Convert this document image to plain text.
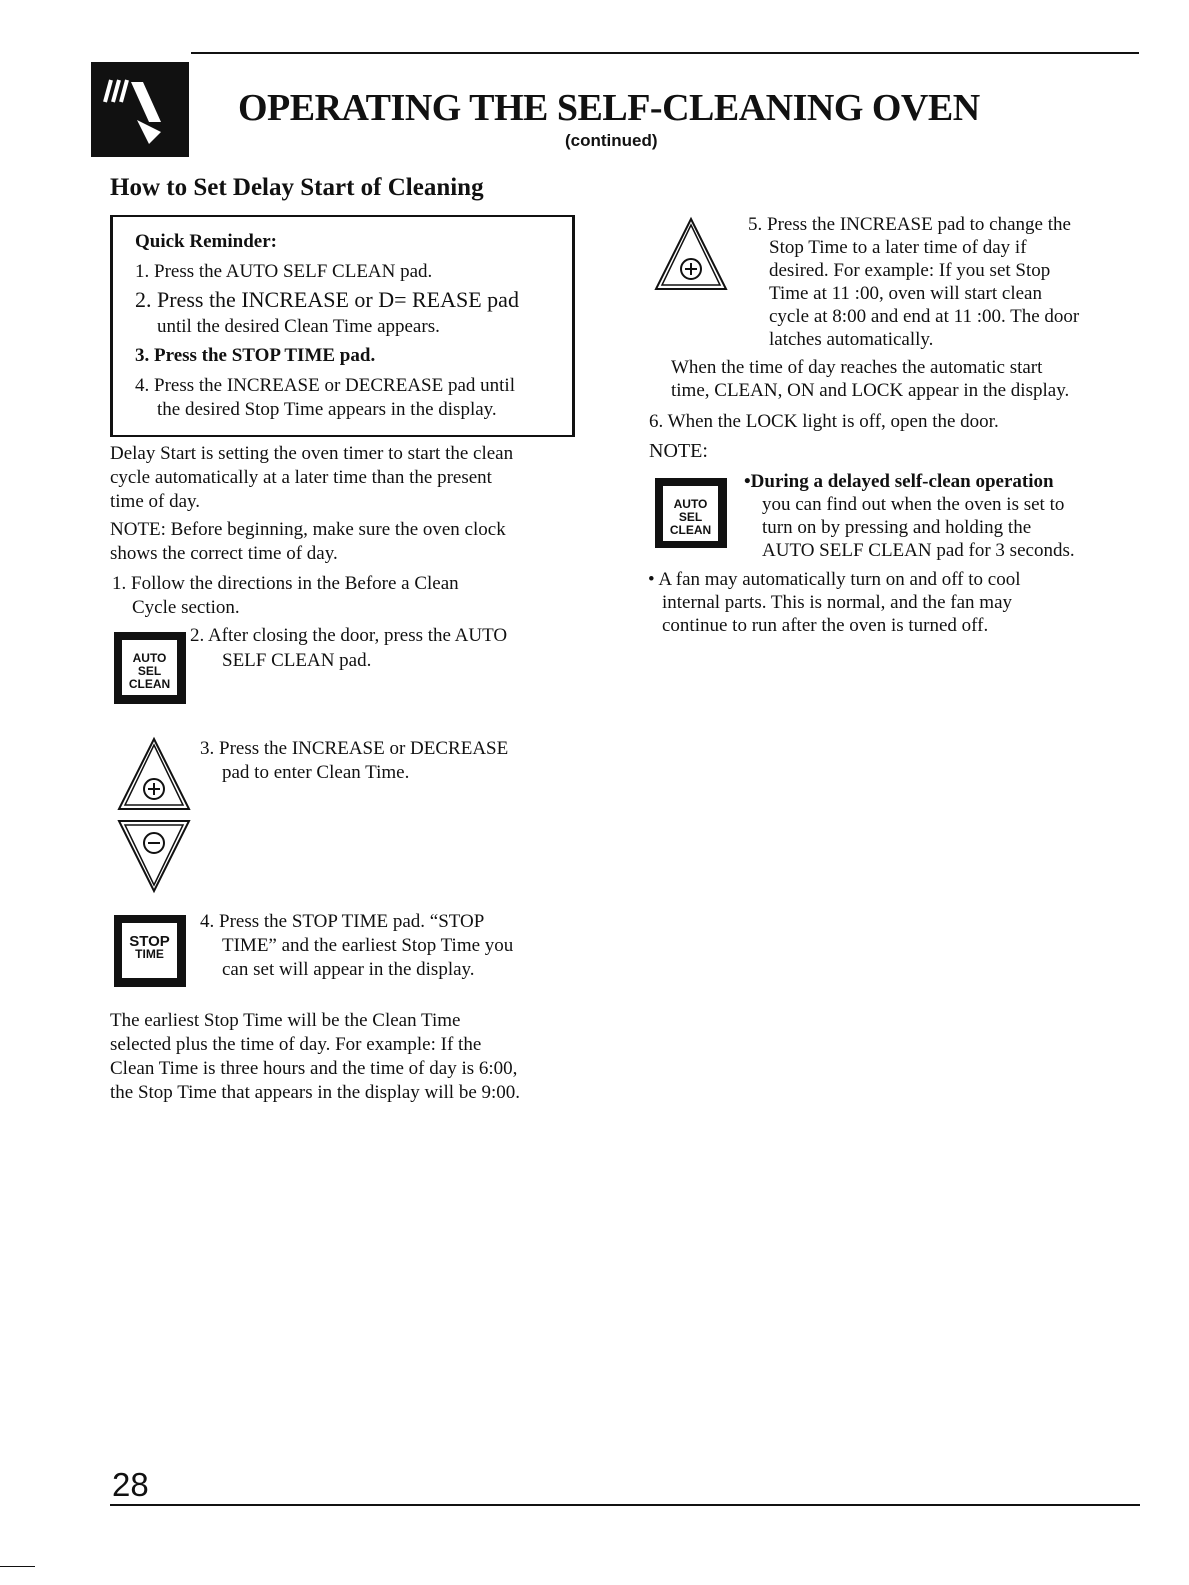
OPERATING THE SELF-CLEANING OVEN
(continued)
How to Set Delay Start of Cleaning
Quick Reminder:
1. Press the AUTO SELF CLEAN pad.
2. Press the INCREASE or D= REASE pad
until the desired Clean Time appears.
3. Press the STOP TIME pad.
4. Press the INCREASE or DECREASE pad until
the desired Stop Time appears in the display.
Delay Start is setting the oven timer to start the clean
cycle automatically at a later time than the present
time of day.
NOTE: Before beginning, make sure the oven clock
shows the correct time of day.
1. Follow the directions in the Before a Clean
Cycle section.
AUTO SEL
CLEAN
2. After closing the door, press the AUTO
SELF CLEAN pad.
3. Press the INCREASE or DECREASE
pad to enter Clean Time.
STOP
TIME
4. Press the STOP TIME pad. “STOP
TIME” and the earliest Stop Time you
can set will appear in the display.
The earliest Stop Time will be the Clean Time
selected plus the time of day. For example: If the
Clean Time is three hours and the time of day is 6:00,
the Stop Time that appears in the display will be 9:00.
5. Press the INCREASE pad to change the
Stop Time to a later time of day if
desired. For example: If you set Stop
Time at 11 :00, oven will start clean
cycle at 8:00 and end at 11 :00. The door
latches automatically.
When the time of day reaches the automatic start
time, CLEAN, ON and LOCK appear in the display.
6. When the LOCK light is off, open the door.
NOTE:
AUTO SEL
CLEAN
•During a delayed self-clean operation
you can find out when the oven is set to
turn on by pressing and holding the
AUTO SELF CLEAN pad for 3 seconds.
• A fan may automatically turn on and off to cool
internal parts. This is normal, and the fan may
continue to run after the oven is turned off.
28
